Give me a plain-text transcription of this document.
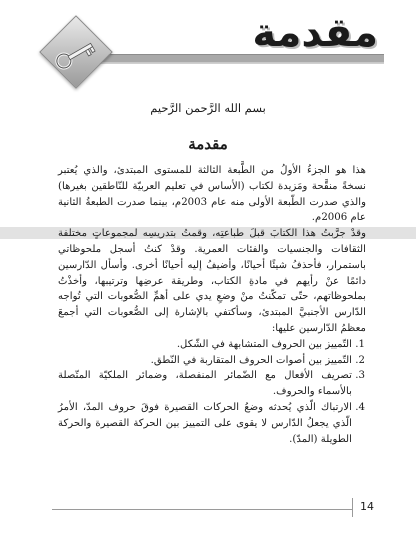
مقدمة
بسم الله الرَّحمن الرَّحيم
مقدمة

هذا هو الجزءُ الأولُ من الطَّبعة الثالثة للمستوى المبتدئ، والذي يُعتبر نسخةً منقَّحة ومَزيدة لكتاب (الأساس في تعليم العربيّة للنّاطقين بغيرها) والذي صدرت الطّبعة الأولى منه عام 2003م، بينما صدرت الطبعةُ الثانية عام 2006م.

وقدْ جرَّبتُ هذا الكتابَ قبلَ طباعتِه، وقمتُ بتدريسِه لمجموعاتٍ مختلفة الثقافات والجنسيات والفئات العمرية. وقدْ كنتُ أسجل ملحوظاتي باستمرار، فأحذفُ شيئًا أحيانًا، وأضيفُ إليه أحيانًا أخرى. وأسأل الدّارسين دائمًا عنْ رأيهم في مادةِ الكتاب، وطريقة عرضِها وترتيبها، وأخذْتُ بملحوظاتهم، حتّى تمكّنتُ منْ وضعِ يدي على أهمِّ الصُّعوبات التي تُواجه الدّارس الأجنبيَّ المبتدئ، وسأكتفي بالإشارة إلى الصُّعوبات التي أجمعَ معظمُ الدّارسين عليها:

1. التّمييز بين الحروف المتشابهة في الشّكل.
2. التّمييز بين أصوات الحروف المتقاربة في النّطق.
3. تصريف الأفعال مع الضّمائر المنفصلة، وضمائر الملكيّة المتّصلة بالأسماء والحروف.
4. الارتباك الّذي يُحدثه وضعُ الحركات القصيرة فوقَ حروف المدّ، الأمرُ الّذي يجعلُ الدّارس لا يقوى على التمييز بين الحركة القصيرة والحركة الطويلة (المدّ).
14
